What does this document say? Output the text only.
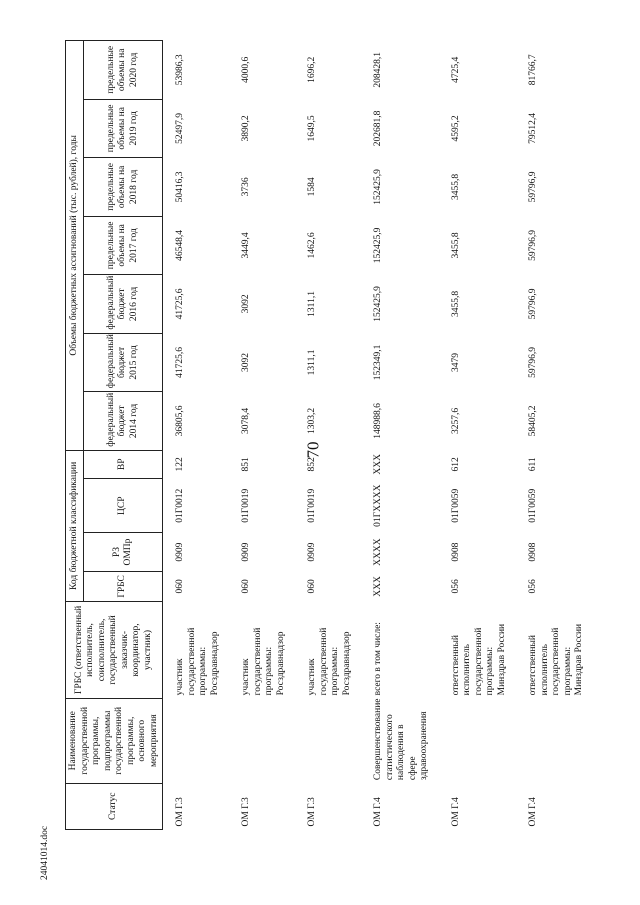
70
24041014.doc
Статус	Наименование государственной программы, подпрограммы государственной программы, основного мероприятия	ГРБС (ответственный исполнитель, соисполнитель, государственный заказчик-координатор, участник)	Код бюджетной классификации				Объемы бюджетных ассигнований (тыс. рублей), годы						
			ГРБС	РЗ ОМПр	ЦСР	ВР	федеральный бюджет 2014 год	федеральный бюджет 2015 год	федеральный бюджет 2016 год	предельные объемы на 2017 год	предельные объемы на 2018 год	предельные объемы на 2019 год	предельные объемы на 2020 год
ОМ Г.3		участник государственной программы: Росздравнадзор	060	0909	01Г0012	122	36805,6	41725,6	41725,6	46548,4	50416,3	52497,9	53986,3
ОМ Г.3		участник государственной программы: Росздравнадзор	060	0909	01Г0019	851	3078,4	3092	3092	3449,4	3736	3890,2	4000,6
ОМ Г.3		участник государственной программы: Росздравнадзор	060	0909	01Г0019	852	1303,2	1311,1	1311,1	1462,6	1584	1649,5	1696,2
ОМ Г.4	Совершенствование статистического наблюдения в сфере здравоохранения	всего в том числе:	ХХХ	ХХХХ	01ГХХХХ	ХХХ	148988,6	152349,1	152425,9	152425,9	152425,9	202681,8	208428,1
ОМ Г.4		ответственный исполнитель государственной программы: Минздрав России	056	0908	01Г0059	612	3257,6	3479	3455,8	3455,8	3455,8	4595,2	4725,4
ОМ Г.4		ответственный исполнитель государственной программы: Минздрав России	056	0908	01Г0059	611	58405,2	59796,9	59796,9	59796,9	59796,9	79512,4	81766,7
